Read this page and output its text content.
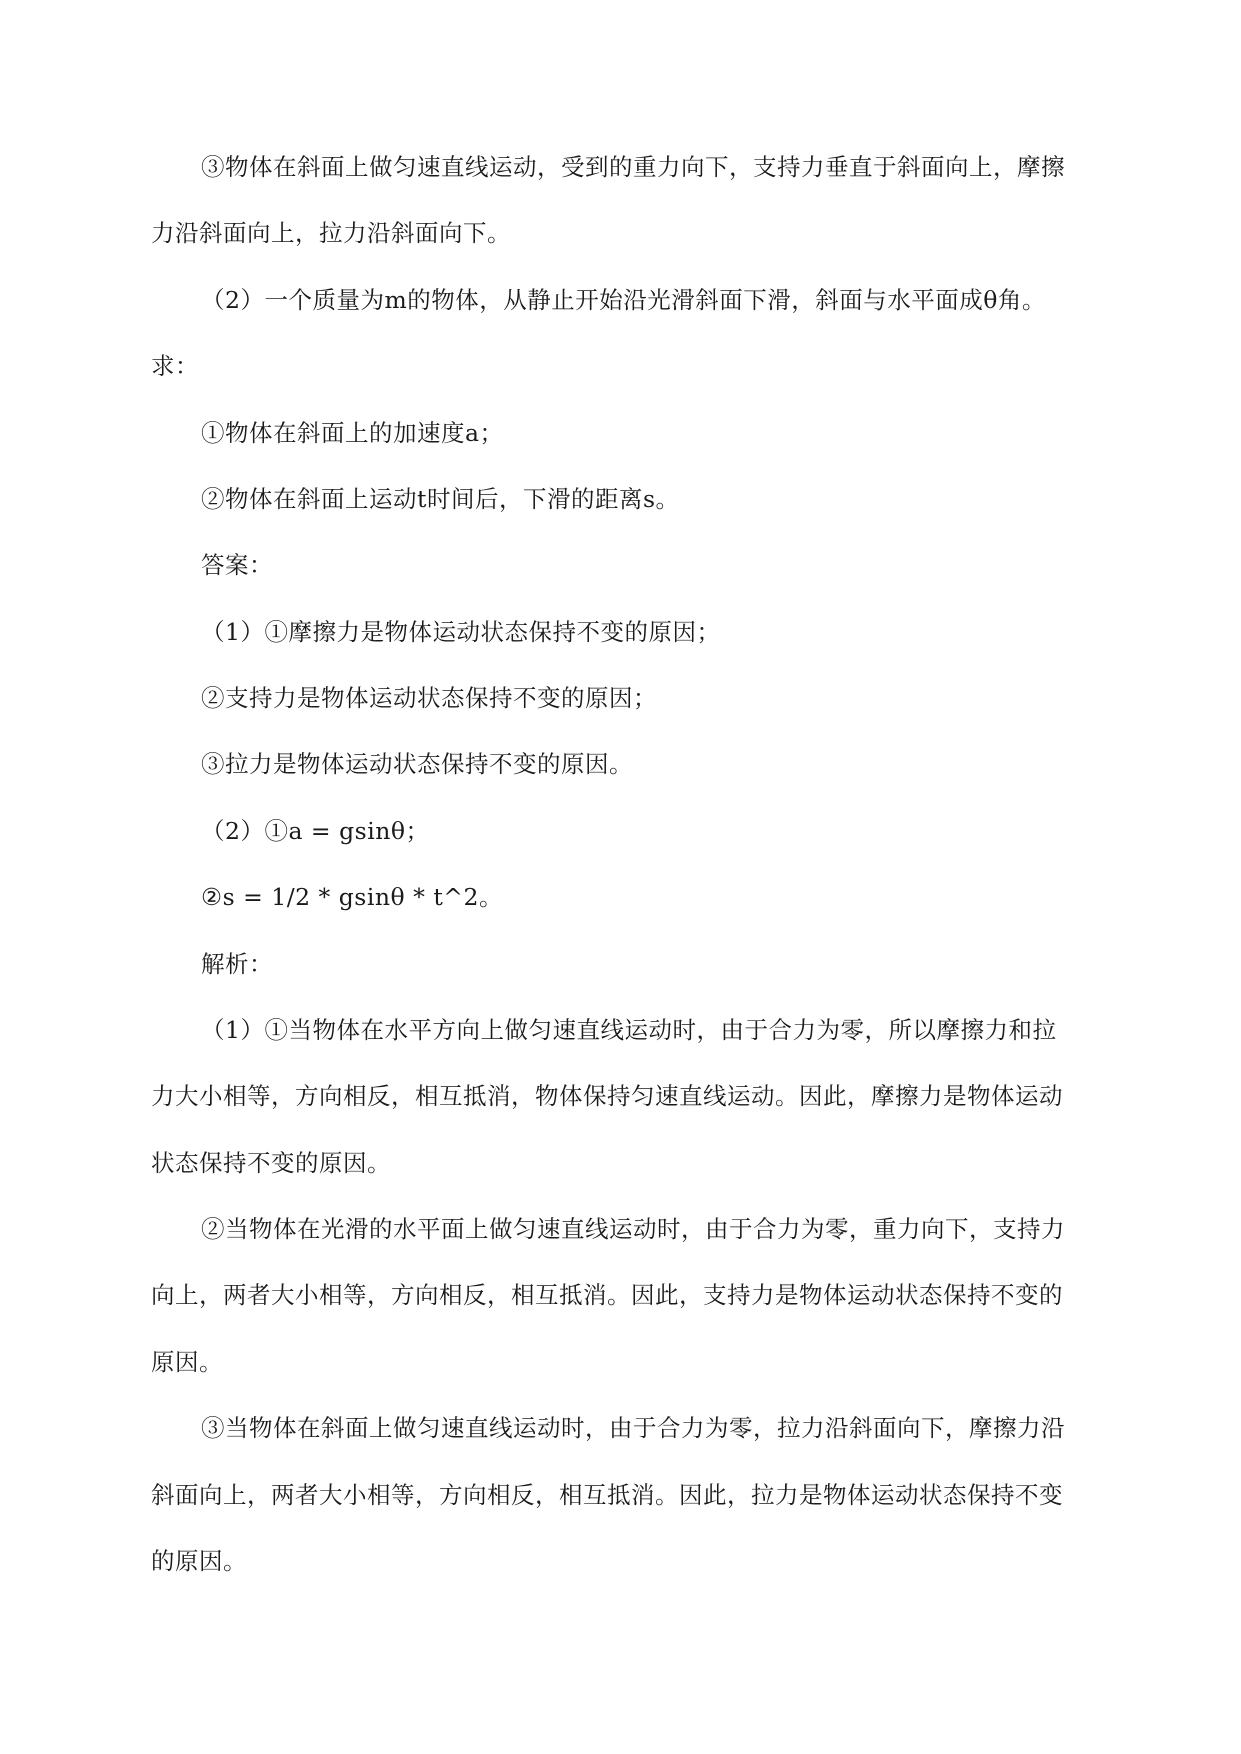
③物体在斜面上做匀速直线运动，受到的重力向下，支持力垂直于斜面向上，摩擦
力沿斜面向上，拉力沿斜面向下。
（2）一个质量为m的物体，从静止开始沿光滑斜面下滑，斜面与水平面成θ角。
求：
①物体在斜面上的加速度a；
②物体在斜面上运动t时间后，下滑的距离s。
答案：
（1）①摩擦力是物体运动状态保持不变的原因；
②支持力是物体运动状态保持不变的原因；
③拉力是物体运动状态保持不变的原因。
（2）①a = gsinθ；
②s = 1/2 * gsinθ * t^2。
解析：
（1）①当物体在水平方向上做匀速直线运动时，由于合力为零，所以摩擦力和拉
力大小相等，方向相反，相互抵消，物体保持匀速直线运动。因此，摩擦力是物体运动
状态保持不变的原因。
②当物体在光滑的水平面上做匀速直线运动时，由于合力为零，重力向下，支持力
向上，两者大小相等，方向相反，相互抵消。因此，支持力是物体运动状态保持不变的
原因。
③当物体在斜面上做匀速直线运动时，由于合力为零，拉力沿斜面向下，摩擦力沿
斜面向上，两者大小相等，方向相反，相互抵消。因此，拉力是物体运动状态保持不变
的原因。
